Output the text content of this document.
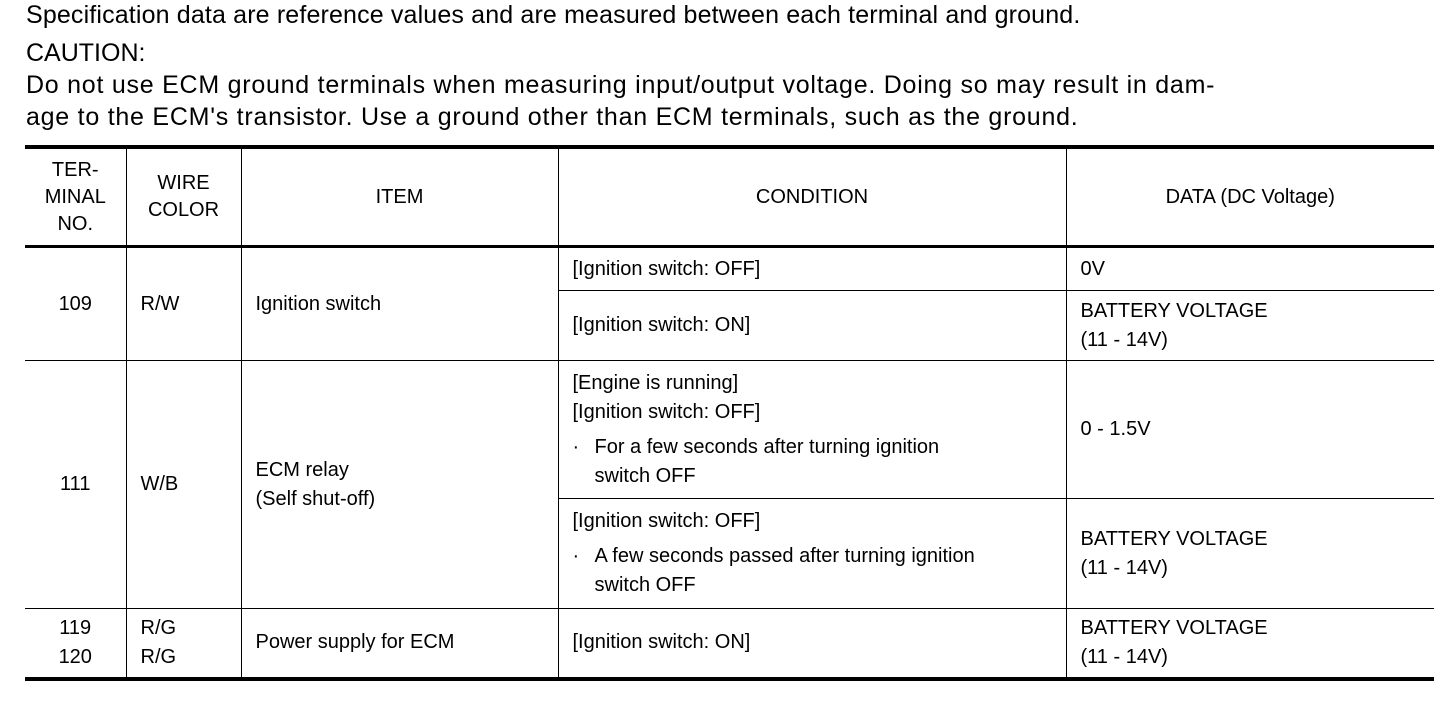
Specification data are reference values and are measured between each terminal and ground.
CAUTION:
Do not use ECM ground terminals when measuring input/output voltage. Doing so may result in dam-
age to the ECM's transistor. Use a ground other than ECM terminals, such as the ground.
TER-
MINAL
NO.	WIRE
COLOR	ITEM	CONDITION	DATA (DC Voltage)
109	R/W	Ignition switch	[Ignition switch: OFF]	0V
			[Ignition switch: ON]	BATTERY VOLTAGE
(11 - 14V)

111	W/B	ECM relay
(Self shut-off)	[Engine is running]
[Ignition switch: OFF]
· For a few seconds after turning ignition
switch OFF	0 - 1.5V

			[Ignition switch: OFF]
· A few seconds passed after turning ignition
switch OFF	BATTERY VOLTAGE
(11 - 14V)

119
120	R/G
R/G	Power supply for ECM	[Ignition switch: ON]	BATTERY VOLTAGE
(11 - 14V)
